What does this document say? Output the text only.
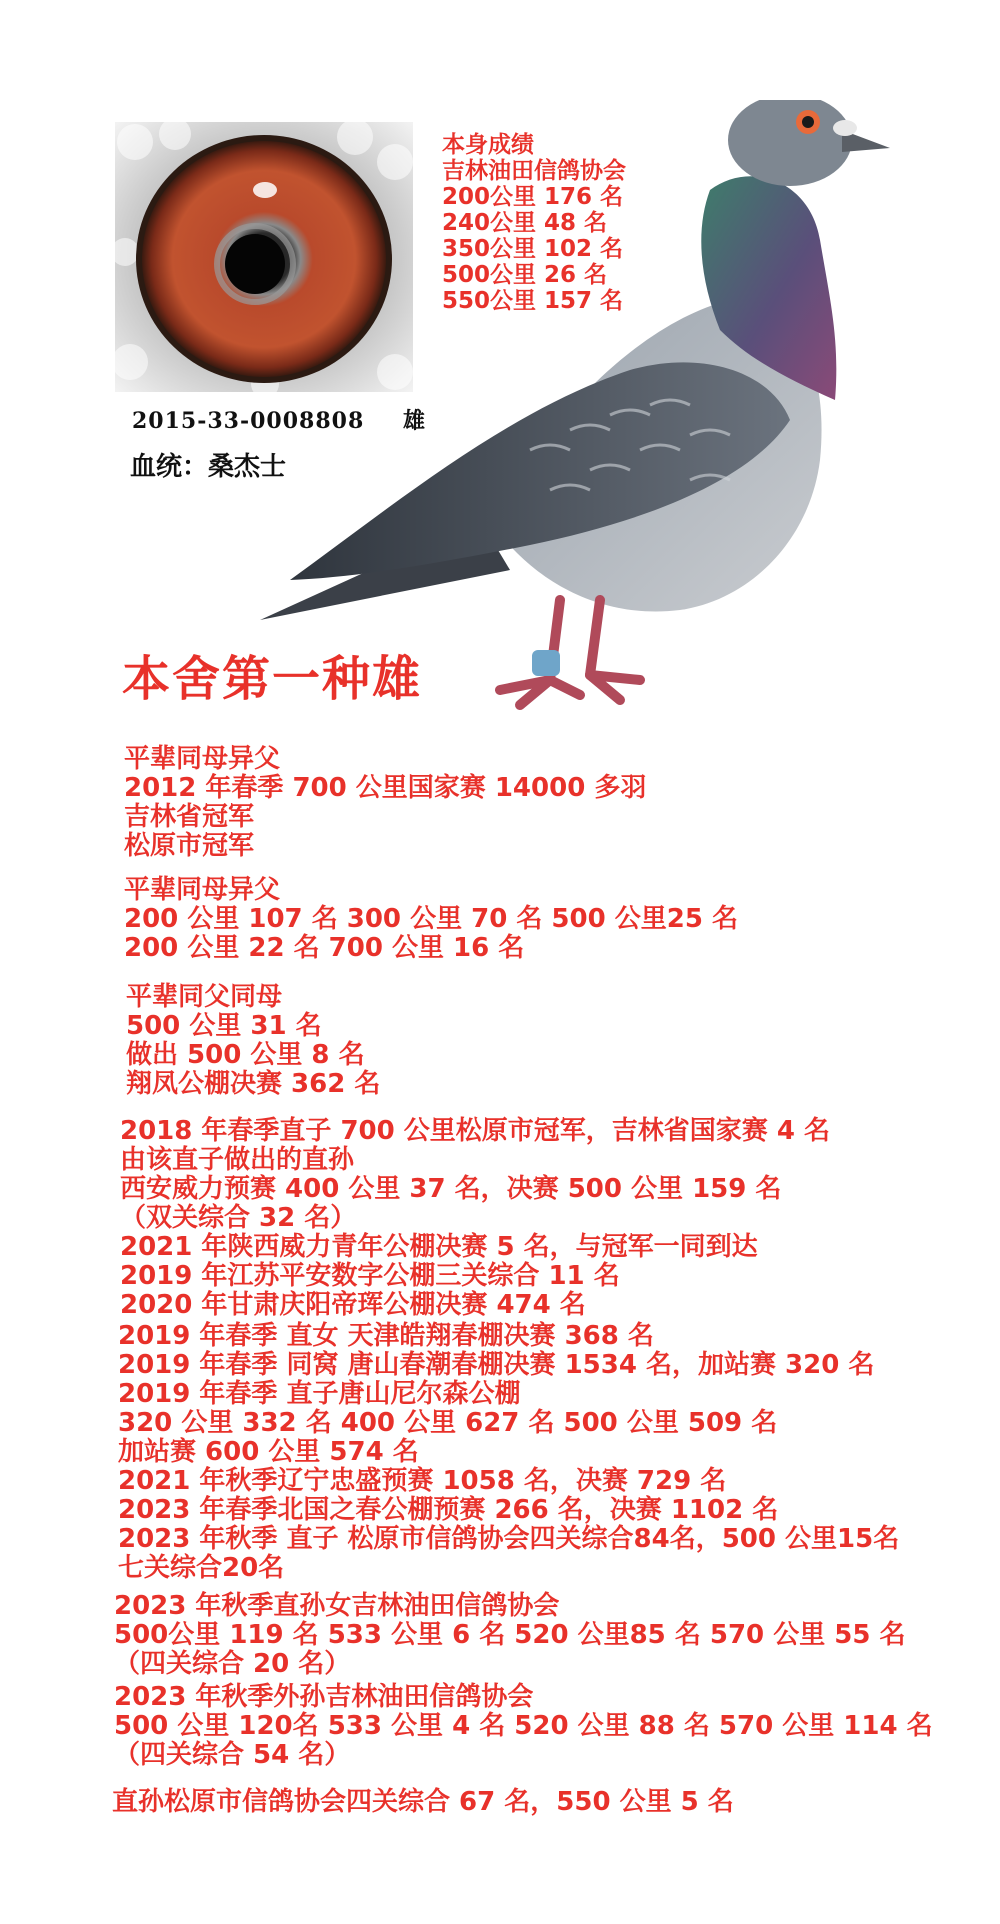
2015-33-0008808 雄
血统：桑杰士
本身成绩
吉林油田信鸽协会
200公里 176 名
240公里 48 名
350公里 102 名
500公里 26 名
550公里 157 名
本舍第一种雄
平辈同母异父
2012 年春季 700 公里国家赛 14000 多羽
吉林省冠军
松原市冠军
平辈同母异父
200 公里 107 名 300 公里 70 名 500 公里25 名
200 公里 22 名 700 公里 16 名
平辈同父同母
500 公里 31 名
做出 500 公里 8 名
翔凤公棚决赛 362 名
2018 年春季直子 700 公里松原市冠军，吉林省国家赛 4 名
由该直子做出的直孙
西安威力预赛 400 公里 37 名，决赛 500 公里 159 名
（双关综合 32 名）
2021 年陕西威力青年公棚决赛 5 名，与冠军一同到达
2019 年江苏平安数字公棚三关综合 11 名
2020 年甘肃庆阳帝珲公棚决赛 474 名
2019 年春季 直女 天津皓翔春棚决赛 368 名
2019 年春季 同窝 唐山春潮春棚决赛 1534 名，加站赛 320 名
2019 年春季 直子唐山尼尔森公棚
320 公里 332 名 400 公里 627 名 500 公里 509 名
加站赛 600 公里 574 名
2021 年秋季辽宁忠盛预赛 1058 名，决赛 729 名
2023 年春季北国之春公棚预赛 266 名，决赛 1102 名
2023 年秋季 直子 松原市信鸽协会四关综合84名，500 公里15名
七关综合20名
2023 年秋季直孙女吉林油田信鸽协会
500公里 119 名 533 公里 6 名 520 公里85 名 570 公里 55 名
（四关综合 20 名）
2023 年秋季外孙吉林油田信鸽协会
500 公里 120名 533 公里 4 名 520 公里 88 名 570 公里 114 名
（四关综合 54 名）
直孙松原市信鸽协会四关综合 67 名，550 公里 5 名
